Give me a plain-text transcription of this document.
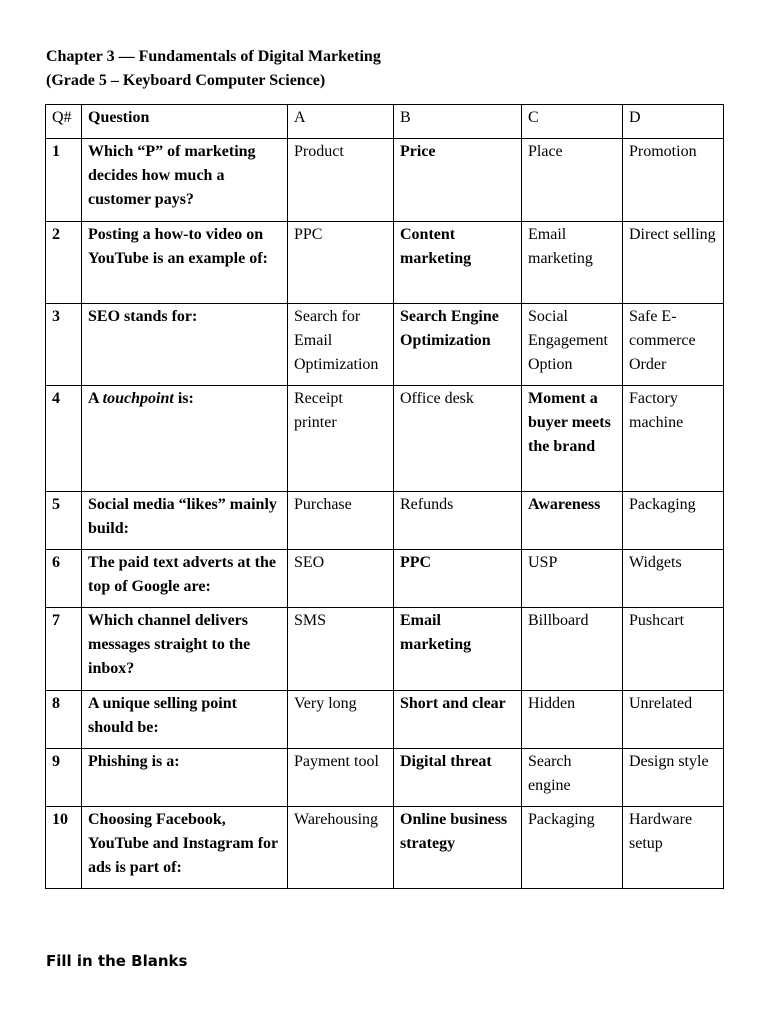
Chapter 3 — Fundamentals of Digital Marketing
(Grade 5 – Keyboard Computer Science)
Q#	Question	A	B	C	D
1	Which “P” of marketing decides how much a customer pays?	Product	Price	Place	Promotion
2	Posting a how-to video on YouTube is an example of:	PPC	Content marketing	Email marketing	Direct selling
3	SEO stands for:	Search for Email Optimization	Search Engine Optimization	Social Engagement Option	Safe E-commerce Order
4	A touchpoint is:	Receipt printer	Office desk	Moment a buyer meets the brand	Factory machine
5	Social media “likes” mainly build:	Purchase	Refunds	Awareness	Packaging
6	The paid text adverts at the top of Google are:	SEO	PPC	USP	Widgets
7	Which channel delivers messages straight to the inbox?	SMS	Email marketing	Billboard	Pushcart
8	A unique selling point should be:	Very long	Short and clear	Hidden	Unrelated
9	Phishing is a:	Payment tool	Digital threat	Search engine	Design style
10	Choosing Facebook, YouTube and Instagram for ads is part of:	Warehousing	Online business strategy	Packaging	Hardware setup
Fill in the Blanks
